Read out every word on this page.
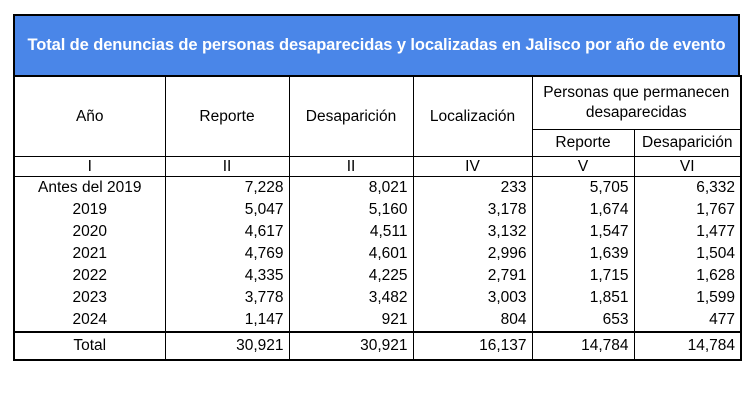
Total de denuncias de personas desaparecidas y localizadas en Jalisco por año de evento
Año	Reporte	Desaparición	Localización	Personas que permanecen desaparecidas	
				Reporte	Desaparición
I	II	II	IV	V	VI
Antes del 2019	7,228	8,021	233	5,705	6,332
2019	5,047	5,160	3,178	1,674	1,767
2020	4,617	4,511	3,132	1,547	1,477
2021	4,769	4,601	2,996	1,639	1,504
2022	4,335	4,225	2,791	1,715	1,628
2023	3,778	3,482	3,003	1,851	1,599
2024	1,147	921	804	653	477
Total	30,921	30,921	16,137	14,784	14,784
